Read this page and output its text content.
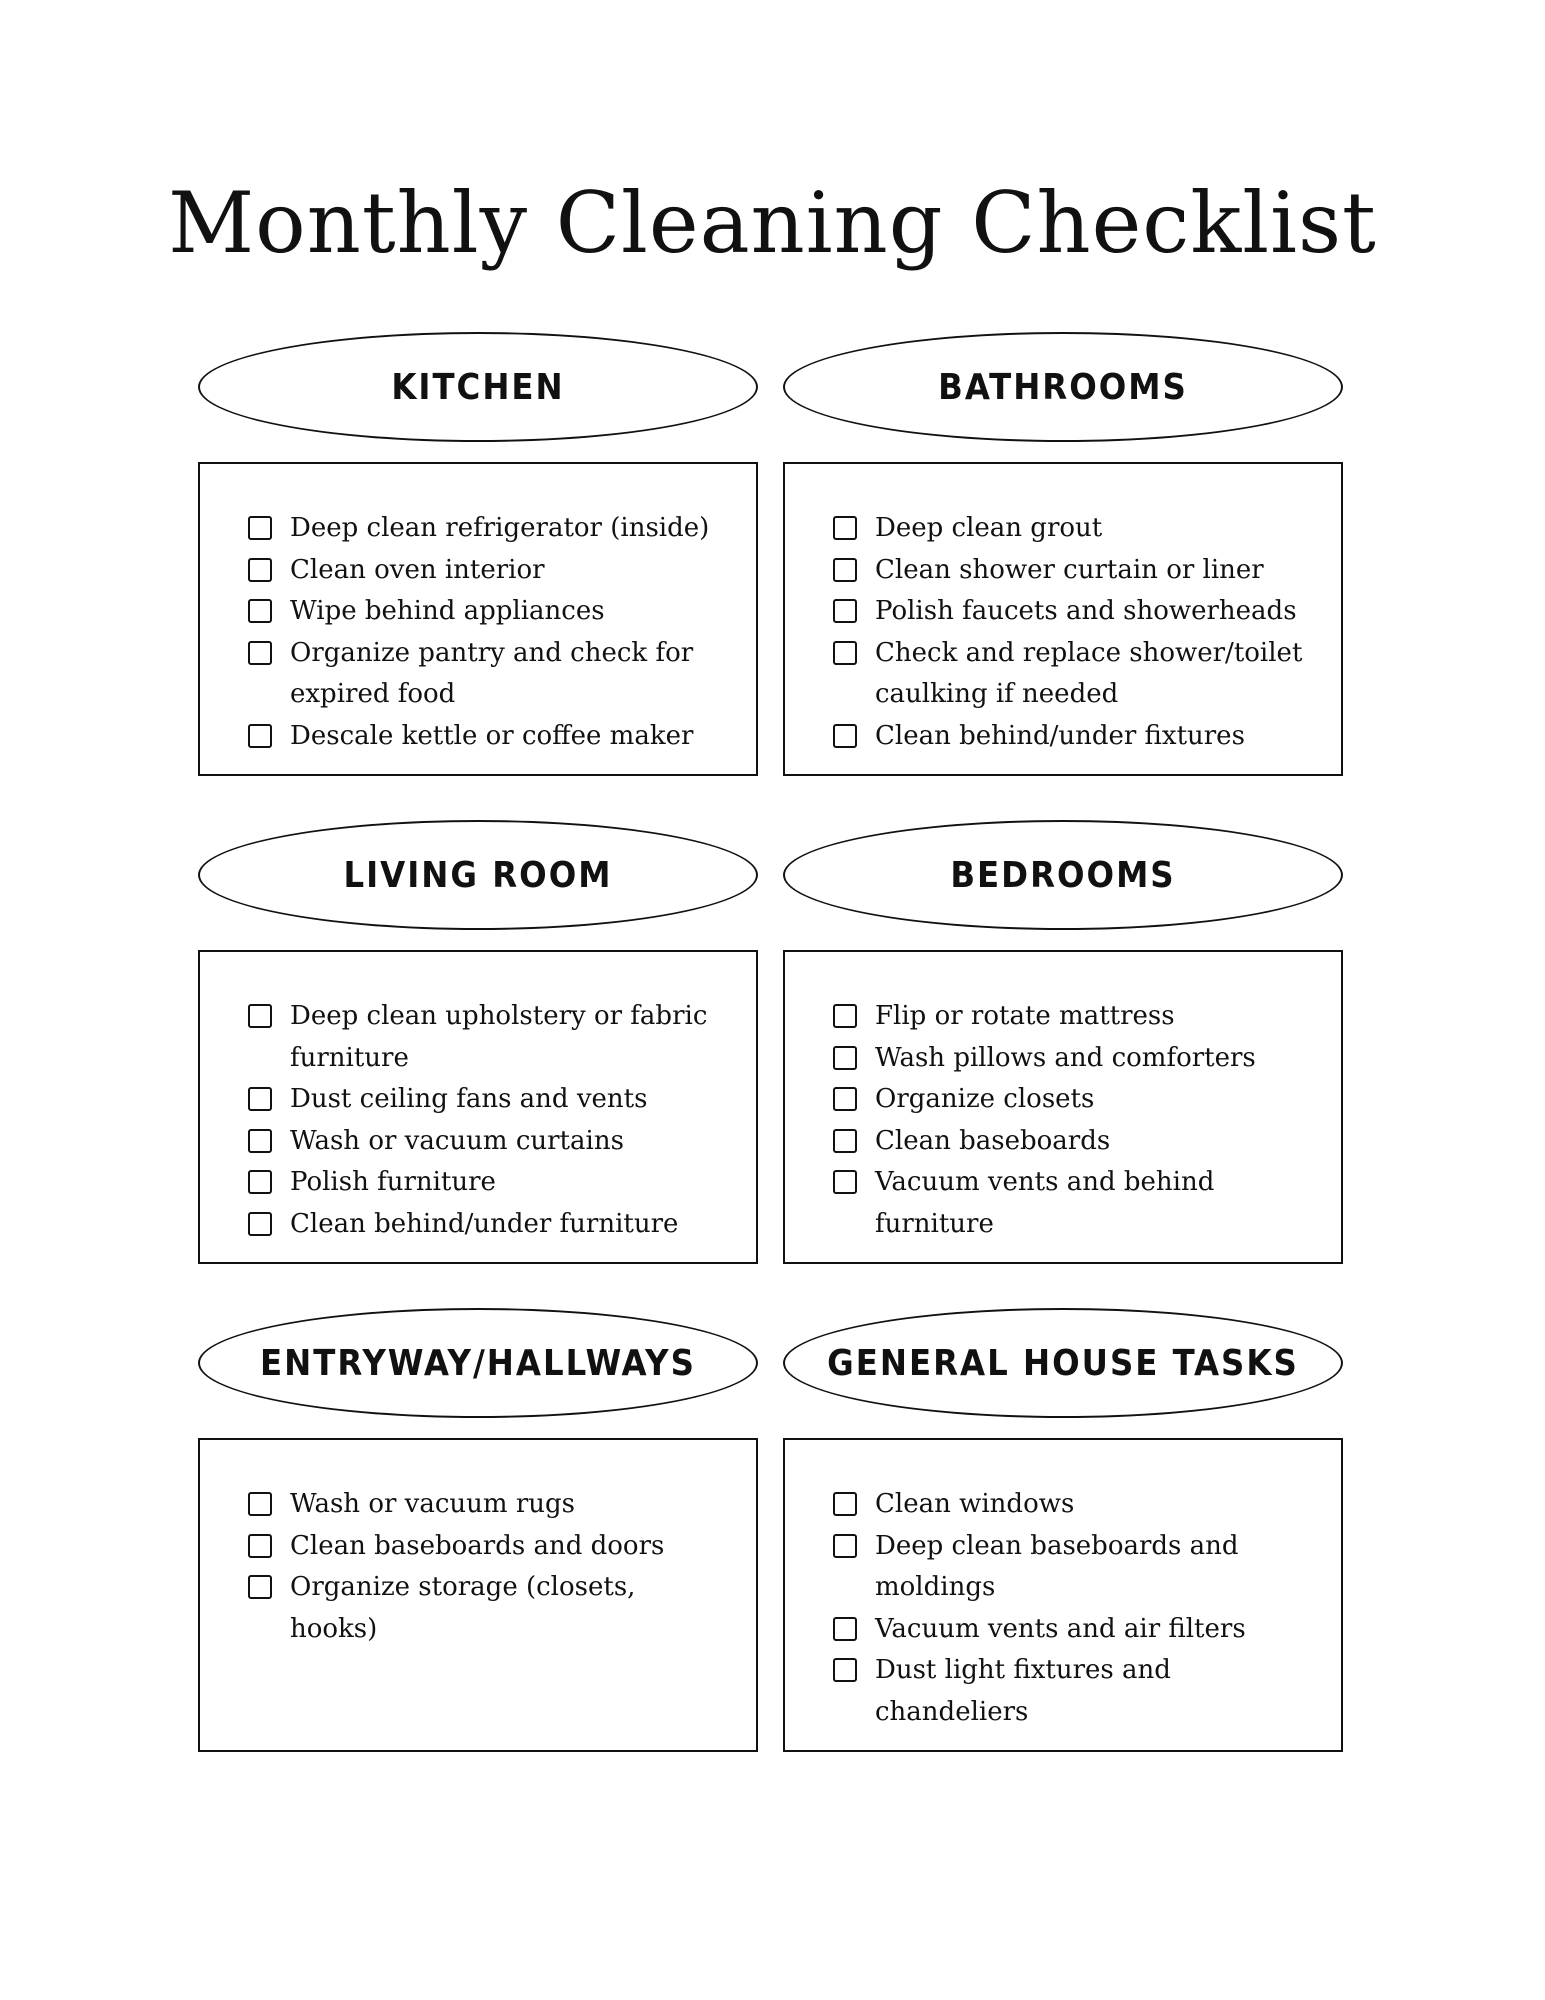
Monthly Cleaning Checklist
KITCHEN
Deep clean refrigerator (inside)
Clean oven interior
Wipe behind appliances
Organize pantry and check for expired food
Descale kettle or coffee maker
BATHROOMS
Deep clean grout
Clean shower curtain or liner
Polish faucets and showerheads
Check and replace shower/toilet caulking if needed
Clean behind/under fixtures
LIVING ROOM
Deep clean upholstery or fabric furniture
Dust ceiling fans and vents
Wash or vacuum curtains
Polish furniture
Clean behind/under furniture
BEDROOMS
Flip or rotate mattress
Wash pillows and comforters
Organize closets
Clean baseboards
Vacuum vents and behind furniture
ENTRYWAY/HALLWAYS
Wash or vacuum rugs
Clean baseboards and doors
Organize storage (closets, hooks)
GENERAL HOUSE TASKS
Clean windows
Deep clean baseboards and moldings
Vacuum vents and air filters
Dust light fixtures and chandeliers
